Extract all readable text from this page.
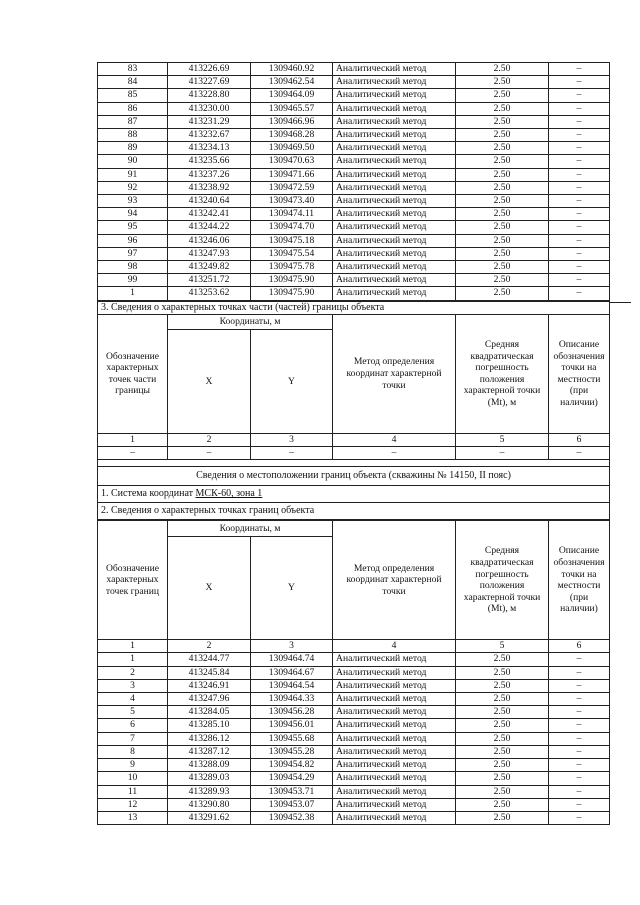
83	413226.69	1309460.92	Аналитический метод	2.50	–
84	413227.69	1309462.54	Аналитический метод	2.50	–
85	413228.80	1309464.09	Аналитический метод	2.50	–
86	413230.00	1309465.57	Аналитический метод	2.50	–
87	413231.29	1309466.96	Аналитический метод	2.50	–
88	413232.67	1309468.28	Аналитический метод	2.50	–
89	413234.13	1309469.50	Аналитический метод	2.50	–
90	413235.66	1309470.63	Аналитический метод	2.50	–
91	413237.26	1309471.66	Аналитический метод	2.50	–
92	413238.92	1309472.59	Аналитический метод	2.50	–
93	413240.64	1309473.40	Аналитический метод	2.50	–
94	413242.41	1309474.11	Аналитический метод	2.50	–
95	413244.22	1309474.70	Аналитический метод	2.50	–
96	413246.06	1309475.18	Аналитический метод	2.50	–
97	413247.93	1309475.54	Аналитический метод	2.50	–
98	413249.82	1309475.78	Аналитический метод	2.50	–
99	413251.72	1309475.90	Аналитический метод	2.50	–
1	413253.62	1309475.90	Аналитический метод	2.50	–
3. Сведения о характерных точках части (частей) границы объекта					
Обозначение характерных точек части границы	Координаты, м		Метод определения координат характерной точки	Средняя квадратическая погрешность положения характерной точки (Mt), м	Описание обозначения точки на местности (при наличии)
	X	Y			
1	2	3	4	5	6
–	–	–	–	–	–

Сведения о местоположении границ объекта (скважины № 14150, II пояс)					
1. Система координат МСК-60, зона 1					
2. Сведения о характерных точках границ объекта					
Обозначение характерных точек границ	Координаты, м		Метод определения координат характерной точки	Средняя квадратическая погрешность положения характерной точки (Mt), м	Описание обозначения точки на местности (при наличии)
	X	Y			
1	2	3	4	5	6
1	413244.77	1309464.74	Аналитический метод	2.50	–
2	413245.84	1309464.67	Аналитический метод	2.50	–
3	413246.91	1309464.54	Аналитический метод	2.50	–
4	413247.96	1309464.33	Аналитический метод	2.50	–
5	413284.05	1309456.28	Аналитический метод	2.50	–
6	413285.10	1309456.01	Аналитический метод	2.50	–
7	413286.12	1309455.68	Аналитический метод	2.50	–
8	413287.12	1309455.28	Аналитический метод	2.50	–
9	413288.09	1309454.82	Аналитический метод	2.50	–
10	413289.03	1309454.29	Аналитический метод	2.50	–
11	413289.93	1309453.71	Аналитический метод	2.50	–
12	413290.80	1309453.07	Аналитический метод	2.50	–
13	413291.62	1309452.38	Аналитический метод	2.50	–
